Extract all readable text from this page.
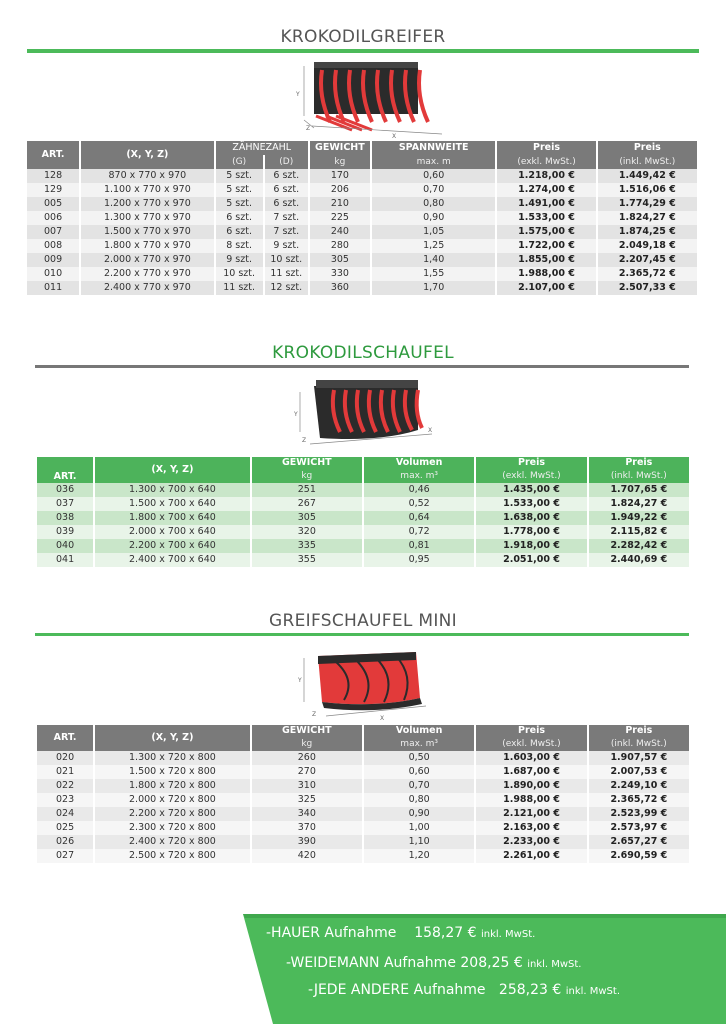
KROKODILGREIFER
Y
X
Z
ART.	(X, Y, Z)	ZÄHNEZAHL		GEWICHT	SPANNWEITE	Preis	Preis
		(G)	(D)	kg	max. m	(exkl. MwSt.)	(inkl. MwSt.)
128	870 x 770 x 970	5 szt.	6 szt.	170	0,60	1.218,00 €	1.449,42 €
129	1.100 x 770 x 970	5 szt.	6 szt.	206	0,70	1.274,00 €	1.516,06 €
005	1.200 x 770 x 970	5 szt.	6 szt.	210	0,80	1.491,00 €	1.774,29 €
006	1.300 x 770 x 970	6 szt.	7 szt.	225	0,90	1.533,00 €	1.824,27 €
007	1.500 x 770 x 970	6 szt.	7 szt.	240	1,05	1.575,00 €	1.874,25 €
008	1.800 x 770 x 970	8 szt.	9 szt.	280	1,25	1.722,00 €	2.049,18 €
009	2.000 x 770 x 970	9 szt.	10 szt.	305	1,40	1.855,00 €	2.207,45 €
010	2.200 x 770 x 970	10 szt.	11 szt.	330	1,55	1.988,00 €	2.365,72 €
011	2.400 x 770 x 970	11 szt.	12 szt.	360	1,70	2.107,00 €	2.507,33 €
KROKODILSCHAUFEL
Y
X
Z
ART.	(X, Y, Z)	GEWICHT	Volumen	Preis	Preis
		kg	max. m³	(exkl. MwSt.)	(inkl. MwSt.)
036	1.300 x 700 x 640	251	0,46	1.435,00 €	1.707,65 €
037	1.500 x 700 x 640	267	0,52	1.533,00 €	1.824,27 €
038	1.800 x 700 x 640	305	0,64	1.638,00 €	1.949,22 €
039	2.000 x 700 x 640	320	0,72	1.778,00 €	2.115,82 €
040	2.200 x 700 x 640	335	0,81	1.918,00 €	2.282,42 €
041	2.400 x 700 x 640	355	0,95	2.051,00 €	2.440,69 €
GREIFSCHAUFEL MINI
Y
X
Z
ART.	(X, Y, Z)	GEWICHT	Volumen	Preis	Preis
		kg	max. m³	(exkl. MwSt.)	(inkl. MwSt.)
020	1.300 x 720 x 800	260	0,50	1.603,00 €	1.907,57 €
021	1.500 x 720 x 800	270	0,60	1.687,00 €	2.007,53 €
022	1.800 x 720 x 800	310	0,70	1.890,00 €	2.249,10 €
023	2.000 x 720 x 800	325	0,80	1.988,00 €	2.365,72 €
024	2.200 x 720 x 800	340	0,90	2.121,00 €	2.523,99 €
025	2.300 x 720 x 800	370	1,00	2.163,00 €	2.573,97 €
026	2.400 x 720 x 800	390	1,10	2.233,00 €	2.657,27 €
027	2.500 x 720 x 800	420	1,20	2.261,00 €	2.690,59 €
-HAUER Aufnahme 158,27 € inkl. MwSt.
-WEIDEMANN Aufnahme 208,25 € inkl. MwSt.
-JEDE ANDERE Aufnahme 258,23 € inkl. MwSt.
